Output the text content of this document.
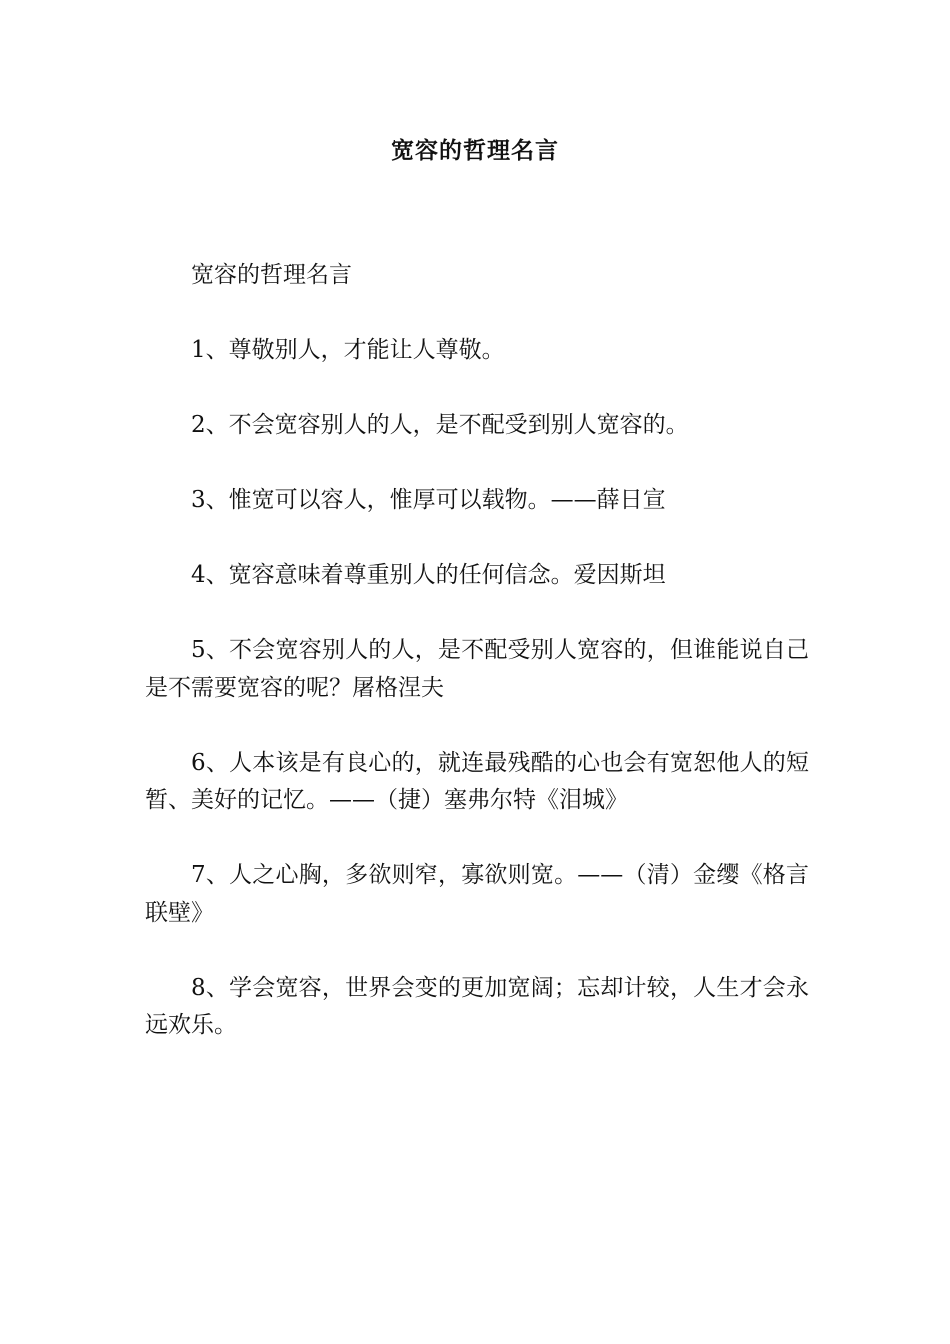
宽容的哲理名言

宽容的哲理名言

1、尊敬别人，才能让人尊敬。

2、不会宽容别人的人，是不配受到别人宽容的。

3、惟宽可以容人，惟厚可以载物。——薛日宣

4、宽容意味着尊重别人的任何信念。爱因斯坦

5、不会宽容别人的人，是不配受别人宽容的，但谁能说自己是不需要宽容的呢？屠格涅夫

6、人本该是有良心的，就连最残酷的心也会有宽恕他人的短暂、美好的记忆。——（捷）塞弗尔特《泪城》

7、人之心胸，多欲则窄，寡欲则宽。——（清）金缨《格言联壁》

8、学会宽容，世界会变的更加宽阔；忘却计较，人生才会永远欢乐。
